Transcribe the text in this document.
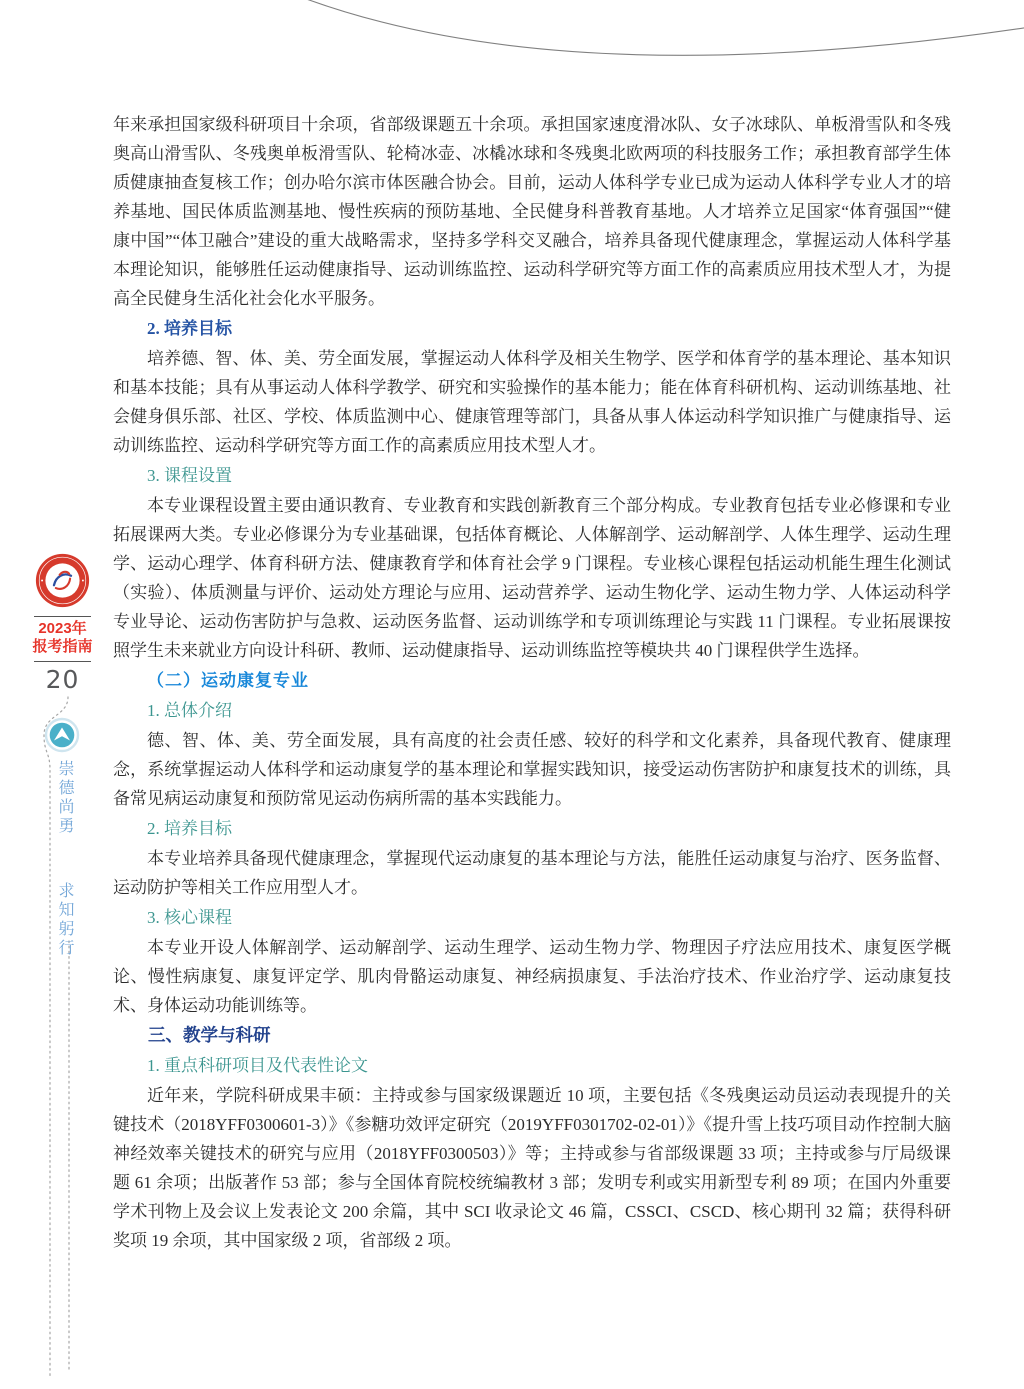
2023年
报考指南
20
崇德尚勇 求知躬行

年来承担国家级科研项目十余项，省部级课题五十余项。承担国家速度滑冰队、女子冰球队、单板滑雪队和冬残奥高山滑雪队、冬残奥单板滑雪队、轮椅冰壶、冰橇冰球和冬残奥北欧两项的科技服务工作；承担教育部学生体质健康抽查复核工作；创办哈尔滨市体医融合协会。目前，运动人体科学专业已成为运动人体科学专业人才的培养基地、国民体质监测基地、慢性疾病的预防基地、全民健身科普教育基地。人才培养立足国家“体育强国”“健康中国”“体卫融合”建设的重大战略需求，坚持多学科交叉融合，培养具备现代健康理念，掌握运动人体科学基本理论知识，能够胜任运动健康指导、运动训练监控、运动科学研究等方面工作的高素质应用技术型人才，为提高全民健身生活化社会化水平服务。

2. 培养目标

培养德、智、体、美、劳全面发展，掌握运动人体科学及相关生物学、医学和体育学的基本理论、基本知识和基本技能；具有从事运动人体科学教学、研究和实验操作的基本能力；能在体育科研机构、运动训练基地、社会健身俱乐部、社区、学校、体质监测中心、健康管理等部门，具备从事人体运动科学知识推广与健康指导、运动训练监控、运动科学研究等方面工作的高素质应用技术型人才。

3. 课程设置

本专业课程设置主要由通识教育、专业教育和实践创新教育三个部分构成。专业教育包括专业必修课和专业拓展课两大类。专业必修课分为专业基础课，包括体育概论、人体解剖学、运动解剖学、人体生理学、运动生理学、运动心理学、体育科研方法、健康教育学和体育社会学 9 门课程。专业核心课程包括运动机能生理生化测试（实验）、体质测量与评价、运动处方理论与应用、运动营养学、运动生物化学、运动生物力学、人体运动科学专业导论、运动伤害防护与急救、运动医务监督、运动训练学和专项训练理论与实践 11 门课程。专业拓展课按照学生未来就业方向设计科研、教师、运动健康指导、运动训练监控等模块共 40 门课程供学生选择。

（二）运动康复专业
1. 总体介绍

德、智、体、美、劳全面发展，具有高度的社会责任感、较好的科学和文化素养，具备现代教育、健康理念，系统掌握运动人体科学和运动康复学的基本理论和掌握实践知识，接受运动伤害防护和康复技术的训练，具备常见病运动康复和预防常见运动伤病所需的基本实践能力。

2. 培养目标

本专业培养具备现代健康理念，掌握现代运动康复的基本理论与方法，能胜任运动康复与治疗、医务监督、运动防护等相关工作应用型人才。

3. 核心课程

本专业开设人体解剖学、运动解剖学、运动生理学、运动生物力学、物理因子疗法应用技术、康复医学概论、慢性病康复、康复评定学、肌肉骨骼运动康复、神经病损康复、手法治疗技术、作业治疗学、运动康复技术、身体运动功能训练等。

三、教学与科研
1. 重点科研项目及代表性论文

近年来，学院科研成果丰硕：主持或参与国家级课题近 10 项，主要包括《冬残奥运动员运动表现提升的关键技术（2018YFF0300601-3）》《参糖功效评定研究（2019YFF0301702-02-01）》《提升雪上技巧项目动作控制大脑神经效率关键技术的研究与应用（2018YFF0300503）》等；主持或参与省部级课题 33 项；主持或参与厅局级课题 61 余项；出版著作 53 部；参与全国体育院校统编教材 3 部；发明专利或实用新型专利 89 项；在国内外重要学术刊物上及会议上发表论文 200 余篇，其中 SCI 收录论文 46 篇，CSSCI、CSCD、核心期刊 32 篇；获得科研奖项 19 余项，其中国家级 2 项，省部级 2 项。
